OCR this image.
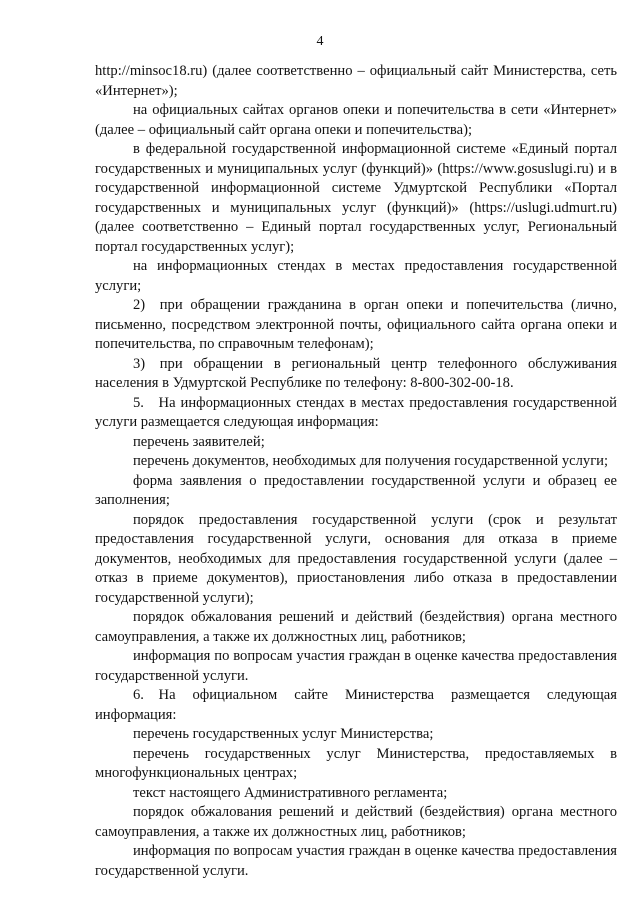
4

http://minsoc18.ru) (далее соответственно – официальный сайт Министерства, сеть «Интернет»);

на официальных сайтах органов опеки и попечительства в сети «Интернет» (далее – официальный сайт органа опеки и попечительства);

в федеральной государственной информационной системе «Единый портал государственных и муниципальных услуг (функций)» (https://www.gosuslugi.ru) и в государственной информационной системе Удмуртской Республики «Портал государственных и муниципальных услуг (функций)» (https://uslugi.udmurt.ru) (далее соответственно – Единый портал государственных услуг, Региональный портал государственных услуг);

на информационных стендах в местах предоставления государственной услуги;

2) при обращении гражданина в орган опеки и попечительства (лично, письменно, посредством электронной почты, официального сайта органа опеки и попечительства, по справочным телефонам);

3) при обращении в региональный центр телефонного обслуживания населения в Удмуртской Республике по телефону: 8-800-302-00-18.

5. На информационных стендах в местах предоставления государственной услуги размещается следующая информация:

перечень заявителей;

перечень документов, необходимых для получения государственной услуги;

форма заявления о предоставлении государственной услуги и образец ее заполнения;

порядок предоставления государственной услуги (срок и результат предоставления государственной услуги, основания для отказа в приеме документов, необходимых для предоставления государственной услуги (далее – отказ в приеме документов), приостановления либо отказа в предоставлении государственной услуги);

порядок обжалования решений и действий (бездействия) органа местного самоуправления, а также их должностных лиц, работников;

информация по вопросам участия граждан в оценке качества предоставления государственной услуги.

6. На официальном сайте Министерства размещается следующая информация:

перечень государственных услуг Министерства;

перечень государственных услуг Министерства, предоставляемых в многофункциональных центрах;

текст настоящего Административного регламента;

порядок обжалования решений и действий (бездействия) органа местного самоуправления, а также их должностных лиц, работников;

информация по вопросам участия граждан в оценке качества предоставления государственной услуги.
